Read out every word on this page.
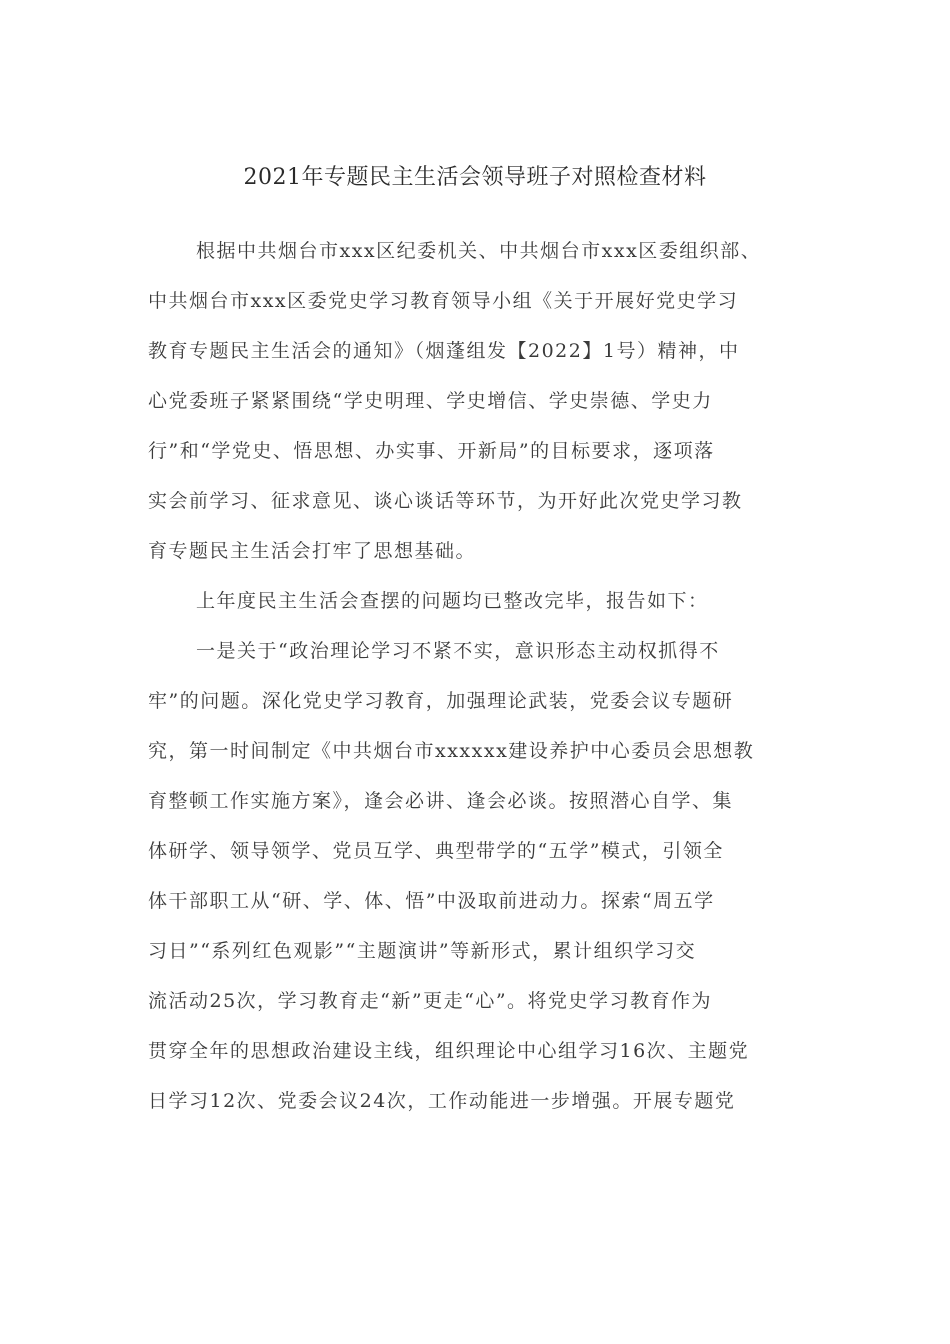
2021年专题民主生活会领导班子对照检查材料
根据中共烟台市xxx区纪委机关、中共烟台市xxx区委组织部、
中共烟台市xxx区委党史学习教育领导小组《关于开展好党史学习
教育专题民主生活会的通知》（烟蓬组发【2022】1号）精神，中
心党委班子紧紧围绕“学史明理、学史增信、学史崇德、学史力
行”和“学党史、悟思想、办实事、开新局”的目标要求，逐项落
实会前学习、征求意见、谈心谈话等环节，为开好此次党史学习教
育专题民主生活会打牢了思想基础。
上年度民主生活会查摆的问题均已整改完毕，报告如下：
一是关于“政治理论学习不紧不实，意识形态主动权抓得不
牢”的问题。深化党史学习教育，加强理论武装，党委会议专题研
究，第一时间制定《中共烟台市xxxxxx建设养护中心委员会思想教
育整顿工作实施方案》，逢会必讲、逢会必谈。按照潜心自学、集
体研学、领导领学、党员互学、典型带学的“五学”模式，引领全
体干部职工从“研、学、体、悟”中汲取前进动力。探索“周五学
习日”“系列红色观影”“主题演讲”等新形式，累计组织学习交
流活动25次，学习教育走“新”更走“心”。将党史学习教育作为
贯穿全年的思想政治建设主线，组织理论中心组学习16次、主题党
日学习12次、党委会议24次，工作动能进一步增强。开展专题党
